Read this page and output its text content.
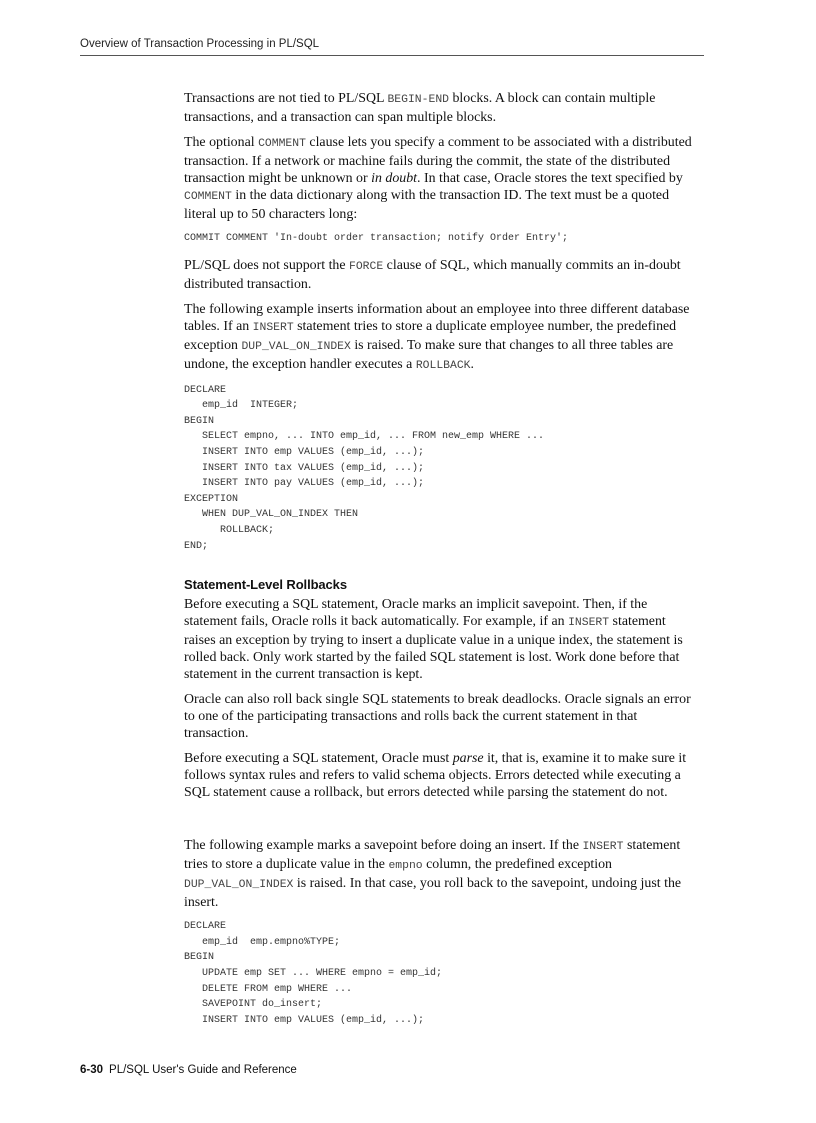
Overview of Transaction Processing in PL/SQL

Transactions are not tied to PL/SQL BEGIN-END blocks. A block can contain multiple transactions, and a transaction can span multiple blocks.

The optional COMMENT clause lets you specify a comment to be associated with a distributed transaction. If a network or machine fails during the commit, the state of the distributed transaction might be unknown or in doubt. In that case, Oracle stores the text specified by COMMENT in the data dictionary along with the transaction ID. The text must be a quoted literal up to 50 characters long:

COMMIT COMMENT 'In-doubt order transaction; notify Order Entry';

PL/SQL does not support the FORCE clause of SQL, which manually commits an in-doubt distributed transaction.

The following example inserts information about an employee into three different database tables. If an INSERT statement tries to store a duplicate employee number, the predefined exception DUP_VAL_ON_INDEX is raised. To make sure that changes to all three tables are undone, the exception handler executes a ROLLBACK.

DECLARE
emp_id  INTEGER;
BEGIN
SELECT empno, ... INTO emp_id, ... FROM new_emp WHERE ...
INSERT INTO emp VALUES (emp_id, ...);
INSERT INTO tax VALUES (emp_id, ...);
INSERT INTO pay VALUES (emp_id, ...);
EXCEPTION
WHEN DUP_VAL_ON_INDEX THEN
ROLLBACK;
END;
Statement-Level Rollbacks

Before executing a SQL statement, Oracle marks an implicit savepoint. Then, if the statement fails, Oracle rolls it back automatically. For example, if an INSERT statement raises an exception by trying to insert a duplicate value in a unique index, the statement is rolled back. Only work started by the failed SQL statement is lost. Work done before that statement in the current transaction is kept.

Oracle can also roll back single SQL statements to break deadlocks. Oracle signals an error to one of the participating transactions and rolls back the current statement in that transaction.

Before executing a SQL statement, Oracle must parse it, that is, examine it to make sure it follows syntax rules and refers to valid schema objects. Errors detected while executing a SQL statement cause a rollback, but errors detected while parsing the statement do not.

The following example marks a savepoint before doing an insert. If the INSERT statement tries to store a duplicate value in the empno column, the predefined exception DUP_VAL_ON_INDEX is raised. In that case, you roll back to the savepoint, undoing just the insert.

DECLARE
emp_id  emp.empno%TYPE;
BEGIN
UPDATE emp SET ... WHERE empno = emp_id;
DELETE FROM emp WHERE ...
SAVEPOINT do_insert;
INSERT INTO emp VALUES (emp_id, ...);
6-30 PL/SQL User's Guide and Reference
